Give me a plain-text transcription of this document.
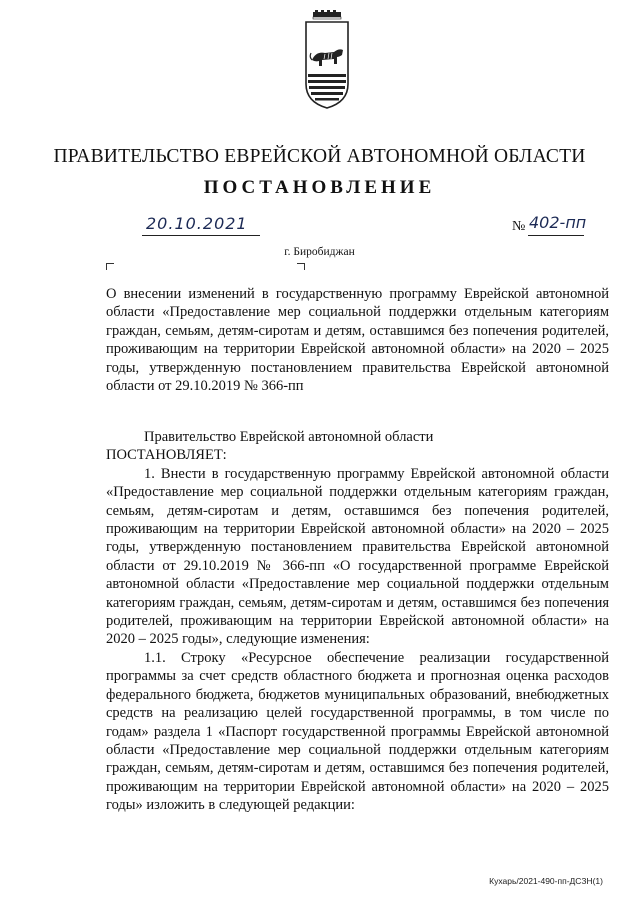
ПРАВИТЕЛЬСТВО ЕВРЕЙСКОЙ АВТОНОМНОЙ ОБЛАСТИ
ПОСТАНОВЛЕНИЕ
20.10.2021	№ 402-пп
г. Биробиджан
О внесении изменений в государственную программу Еврейской автономной области «Предоставление мер социальной поддержки отдельным категориям граждан, семьям, детям-сиротам и детям, оставшимся без попечения родителей, проживающим на территории Еврейской автономной области» на 2020 – 2025 годы, утвержденную постановлением правительства Еврейской автономной области от 29.10.2019 № 366-пп

Правительство Еврейской автономной области

ПОСТАНОВЛЯЕТ:

1. Внести в государственную программу Еврейской автономной области «Предоставление мер социальной поддержки отдельным категориям граждан, семьям, детям-сиротам и детям, оставшимся без попечения родителей, проживающим на территории Еврейской автономной области» на 2020 – 2025 годы, утвержденную постановлением правительства Еврейской автономной области от 29.10.2019 № 366-пп «О государственной программе Еврейской автономной области «Предоставление мер социальной поддержки отдельным категориям граждан, семьям, детям-сиротам и детям, оставшимся без попечения родителей, проживающим на территории Еврейской автономной области» на 2020 – 2025 годы», следующие изменения:

1.1. Строку «Ресурсное обеспечение реализации государственной программы за счет средств областного бюджета и прогнозная оценка расходов федерального бюджета, бюджетов муниципальных образований, внебюджетных средств на реализацию целей государственной программы, в том числе по годам» раздела 1 «Паспорт государственной программы Еврейской автономной области «Предоставление мер социальной поддержки отдельным категориям граждан, семьям, детям-сиротам и детям, оставшимся без попечения родителей, проживающим на территории Еврейской автономной области» на 2020 – 2025 годы» изложить в следующей редакции:

Кухарь/2021-490-пп-ДСЗН(1)
